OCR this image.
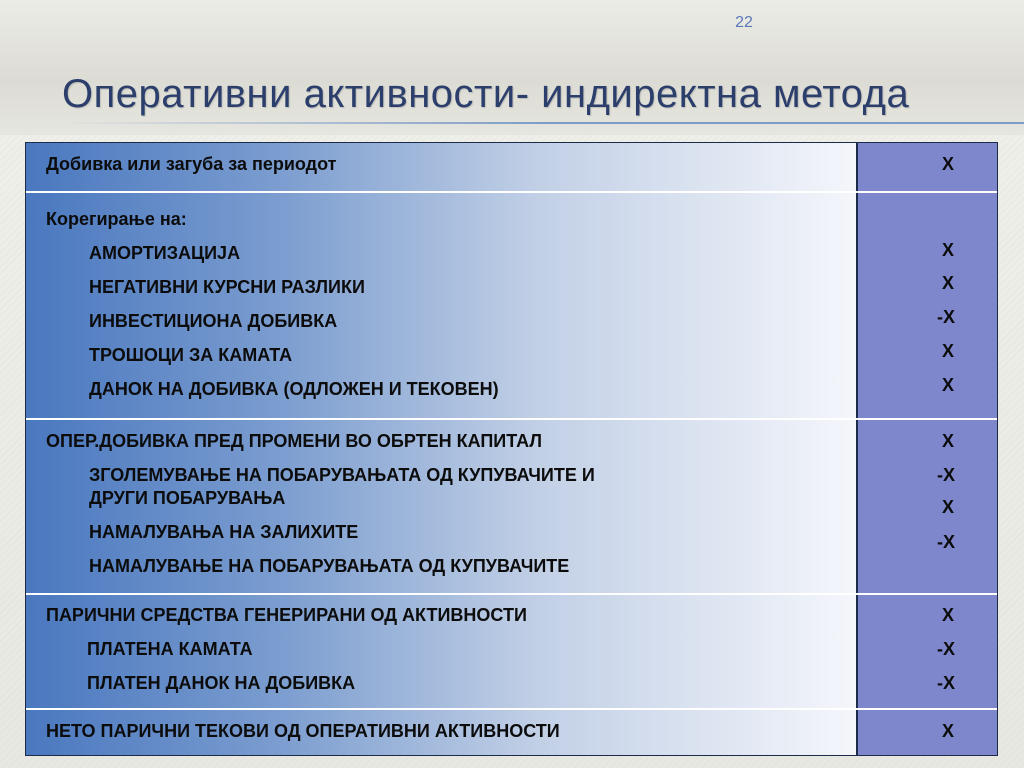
22
Оперативни активности- индиректна метода
Добивка или загуба за периодот	X
Корегирање на:
АМОРТИЗАЦИЈА
НЕГАТИВНИ КУРСНИ РАЗЛИКИ
ИНВЕСТИЦИОНА ДОБИВКА
ТРОШОЦИ ЗА КАМАТА
ДАНОК НА ДОБИВКА (ОДЛОЖЕН И ТЕКОВЕН)
X
X
-X
X
X
ОПЕР.ДОБИВКА ПРЕД ПРОМЕНИ ВО ОБРТЕН КАПИТАЛ
ЗГОЛЕМУВАЊЕ НА ПОБАРУВАЊАТА ОД КУПУВАЧИТЕ И
ДРУГИ ПОБАРУВАЊА
НАМАЛУВАЊА НА ЗАЛИХИТЕ
НАМАЛУВАЊЕ НА ПОБАРУВАЊАТА ОД КУПУВАЧИТЕ
X
-X
X
-X
ПАРИЧНИ СРЕДСТВА ГЕНЕРИРАНИ ОД АКТИВНОСТИ
ПЛАТЕНА КАМАТА
ПЛАТЕН ДАНОК НА ДОБИВКА
X
-X
-X
НЕТО ПАРИЧНИ ТЕКОВИ ОД ОПЕРАТИВНИ АКТИВНОСТИ	X
